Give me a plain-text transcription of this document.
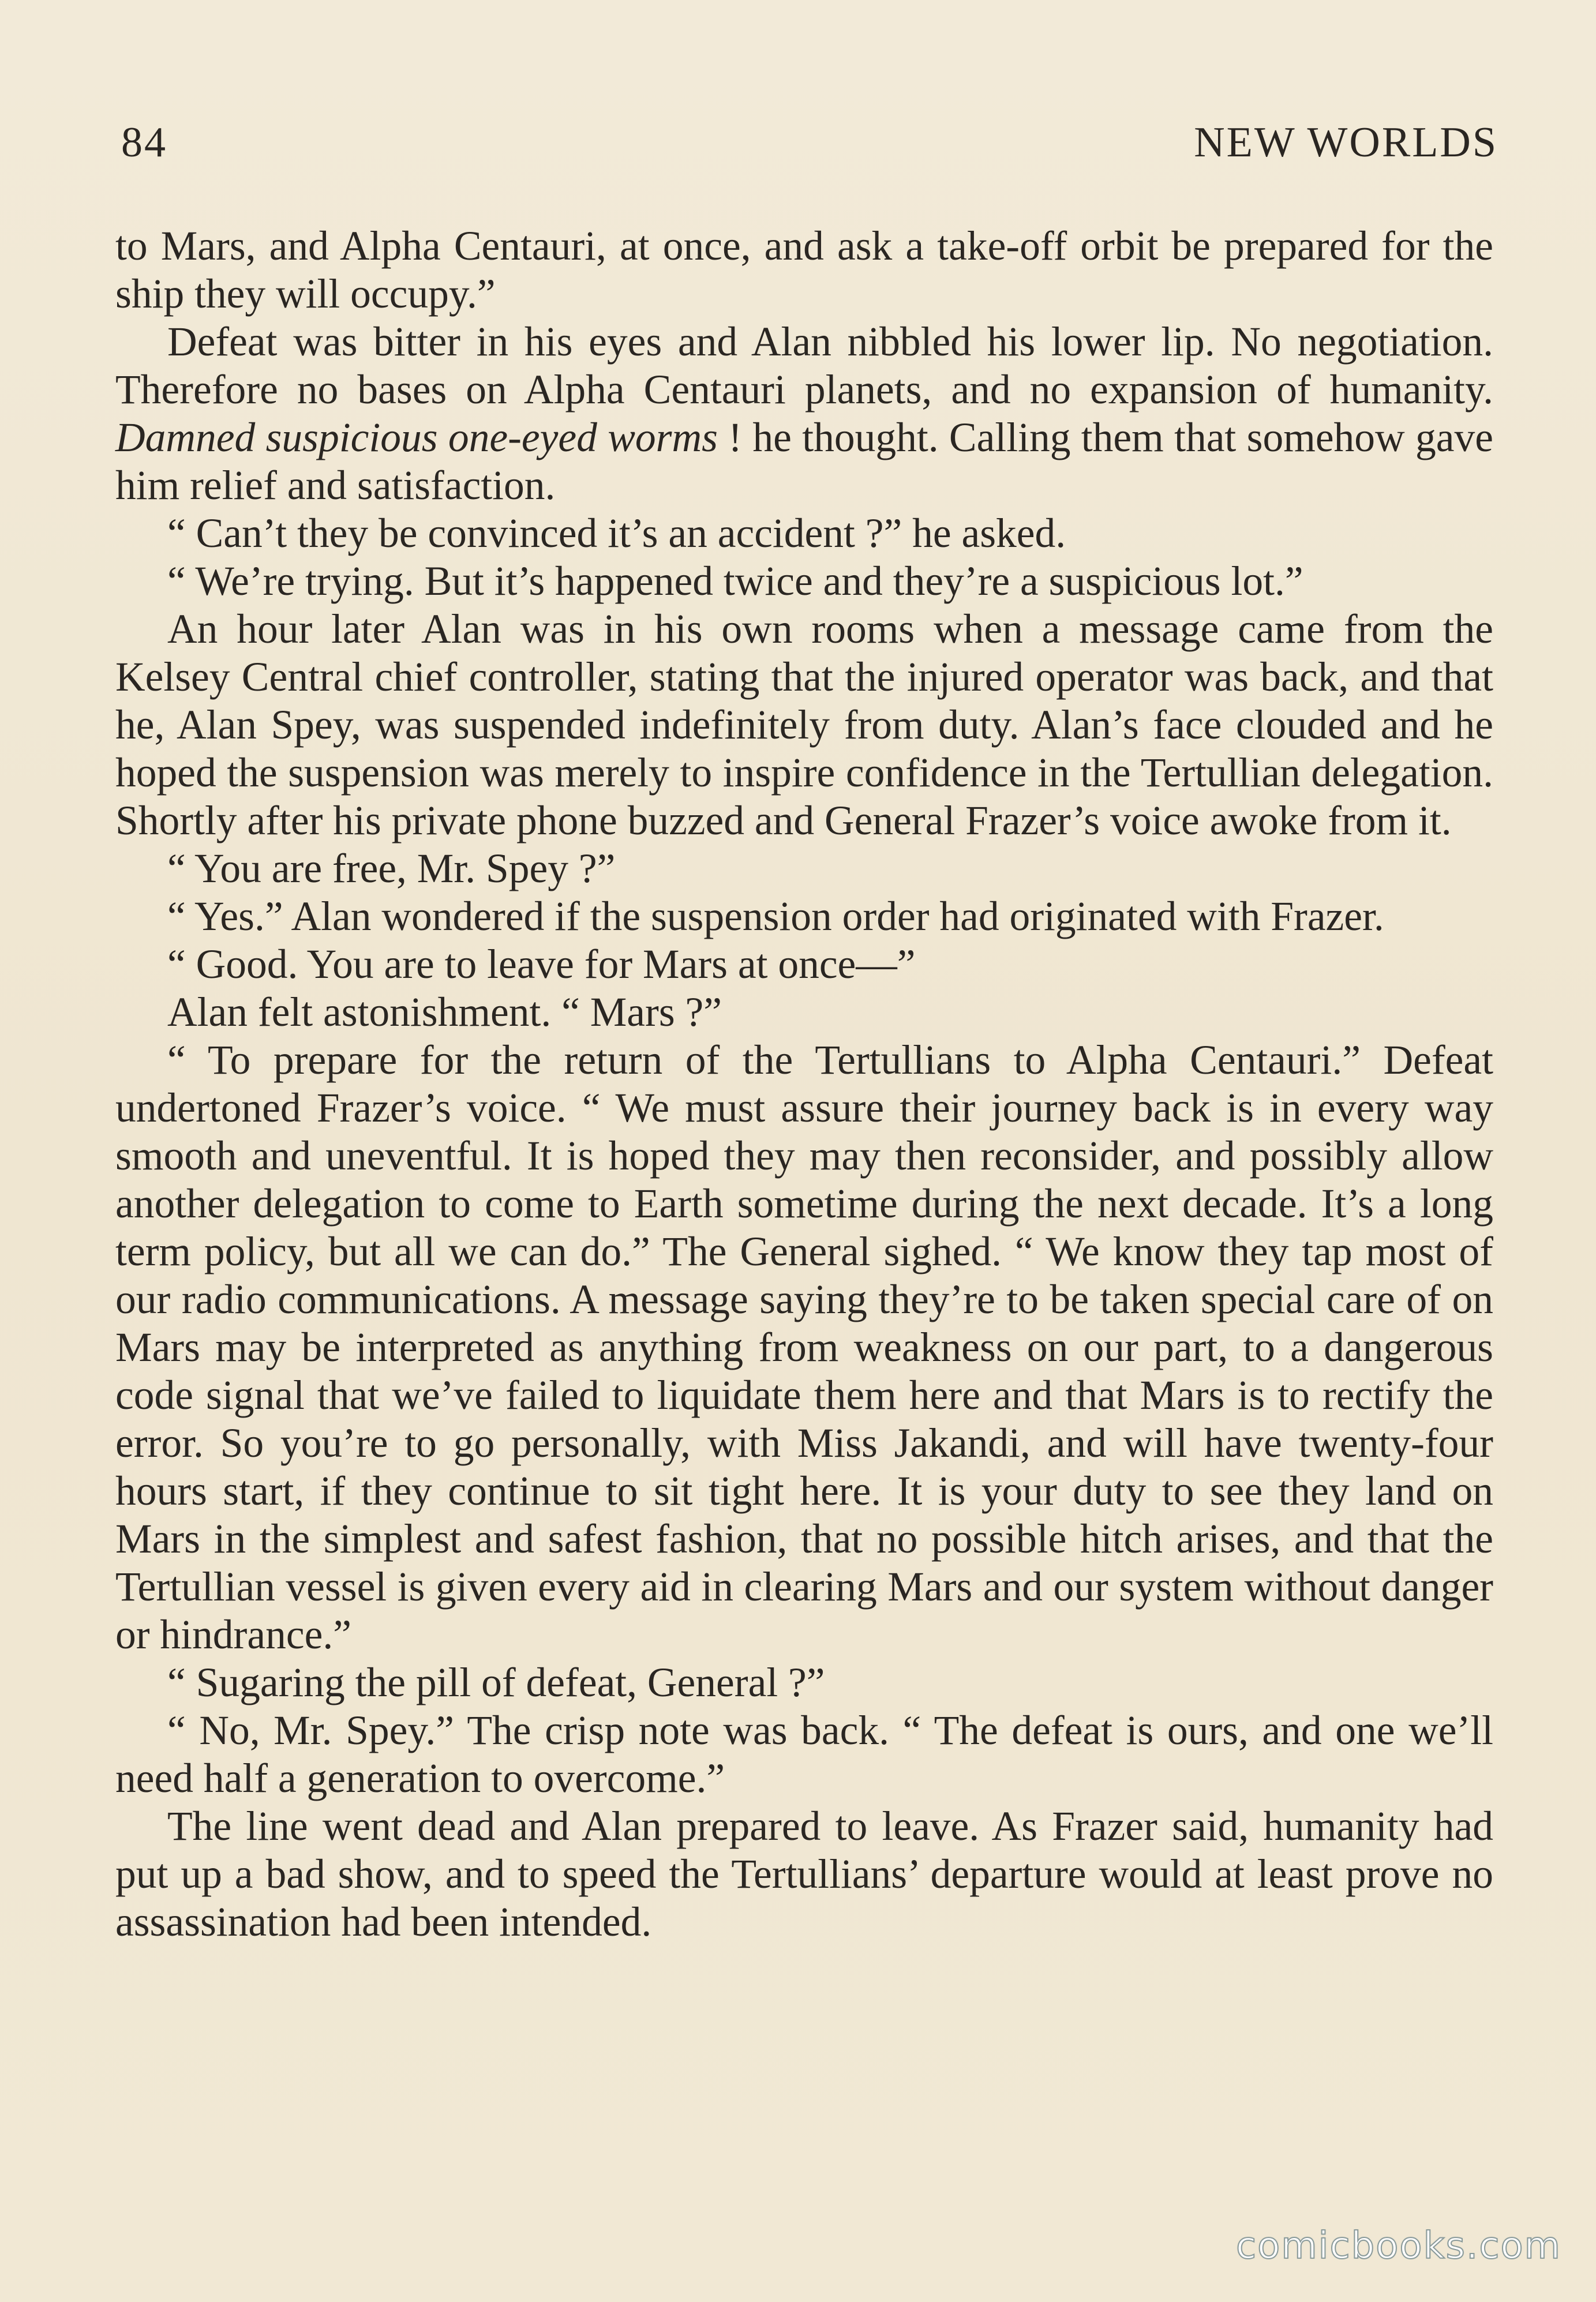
84	NEW WORLDS

to Mars, and Alpha Centauri, at once, and ask a take-off orbit be prepared for the ship they will occupy.”

Defeat was bitter in his eyes and Alan nibbled his lower lip. No negotiation. Therefore no bases on Alpha Centauri planets, and no expansion of humanity. Damned suspicious one-eyed worms ! he thought. Calling them that somehow gave him relief and satisfaction.

“ Can’t they be convinced it’s an accident ?” he asked.

“ We’re trying. But it’s happened twice and they’re a suspicious lot.”

An hour later Alan was in his own rooms when a message came from the Kelsey Central chief controller, stating that the injured operator was back, and that he, Alan Spey, was suspended indefinitely from duty. Alan’s face clouded and he hoped the suspension was merely to inspire confidence in the Tertullian delegation. Shortly after his private phone buzzed and General Frazer’s voice awoke from it.

“ You are free, Mr. Spey ?”

“ Yes.” Alan wondered if the suspension order had originated with Frazer.

“ Good. You are to leave for Mars at once—”

Alan felt astonishment. “ Mars ?”

“ To prepare for the return of the Tertullians to Alpha Centauri.” Defeat undertoned Frazer’s voice. “ We must assure their journey back is in every way smooth and uneventful. It is hoped they may then reconsider, and possibly allow another delegation to come to Earth sometime during the next decade. It’s a long term policy, but all we can do.” The General sighed. “ We know they tap most of our radio communications. A message saying they’re to be taken special care of on Mars may be interpreted as anything from weakness on our part, to a dangerous code signal that we’ve failed to liquidate them here and that Mars is to rectify the error. So you’re to go personally, with Miss Jakandi, and will have twenty-four hours start, if they continue to sit tight here. It is your duty to see they land on Mars in the simplest and safest fashion, that no possible hitch arises, and that the Tertullian vessel is given every aid in clearing Mars and our system without danger or hindrance.”

“ Sugaring the pill of defeat, General ?”

“ No, Mr. Spey.” The crisp note was back. “ The defeat is ours, and one we’ll need half a generation to overcome.”

The line went dead and Alan prepared to leave. As Frazer said, humanity had put up a bad show, and to speed the Tertullians’ departure would at least prove no assassination had been intended.

comicbooks.com
